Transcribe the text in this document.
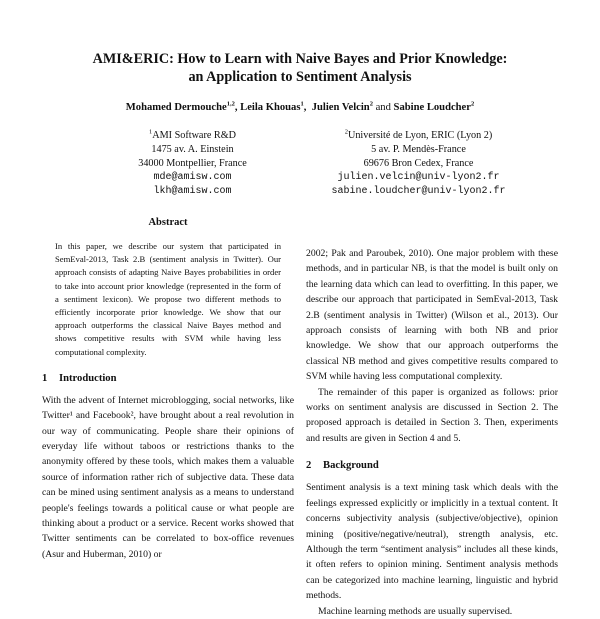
AMI&ERIC: How to Learn with Naive Bayes and Prior Knowledge:
an Application to Sentiment Analysis
Mohamed Dermouche$^{1,2}$, Leila Khouas$^1$, Julien Velcin$^2$ and Sabine Loudcher$^2$
$^1$AMI Software R&D
1475 av. A. Einstein
34000 Montpellier, France
mde@amisw.com
lkh@amisw.com
$^2$Université de Lyon, ERIC (Lyon 2)
5 av. P. Mendès-France
69676 Bron Cedex, France
julien.velcin@univ-lyon2.fr
sabine.loudcher@univ-lyon2.fr
Abstract

In this paper, we describe our system that participated in SemEval-2013, Task 2.B (sentiment analysis in Twitter). Our approach consists of adapting Naive Bayes probabilities in order to take into account prior knowledge (represented in the form of a sentiment lexicon). We propose two different methods to efficiently incorporate prior knowledge. We show that our approach outperforms the classical Naive Bayes method and shows competitive results with SVM while having less computational complexity.

1 Introduction

With the advent of Internet microblogging, social networks, like Twitter¹ and Facebook², have brought about a real revolution in our way of communicating. People share their opinions of everyday life without taboos or restrictions thanks to the anonymity offered by these tools, which makes them a valuable source of information rather rich of subjective data. These data can be mined using sentiment analysis as a means to understand people's feelings towards a political cause or what people are thinking about a product or a service. Recent works showed that Twitter sentiments can be correlated to box-office revenues (Asur and Huberman, 2010) or

2002; Pak and Paroubek, 2010). One major problem with these methods, and in particular NB, is that the model is built only on the learning data which can lead to overfitting. In this paper, we describe our approach that participated in SemEval-2013, Task 2.B (sentiment analysis in Twitter) (Wilson et al., 2013). Our approach consists of learning with both NB and prior knowledge. We show that our approach outperforms the classical NB method and gives competitive results compared to SVM while having less computational complexity.

The remainder of this paper is organized as follows: prior works on sentiment analysis are discussed in Section 2. The proposed approach is detailed in Section 3. Then, experiments and results are given in Section 4 and 5.

2 Background

Sentiment analysis is a text mining task which deals with the feelings expressed explicitly or implicitly in a textual content. It concerns subjectivity analysis (subjective/objective), opinion mining (positive/negative/neutral), strength analysis, etc. Although the term “sentiment analysis” includes all these kinds, it often refers to opinion mining. Sentiment analysis methods can be categorized into machine learning, linguistic and hybrid methods.

Machine learning methods are usually supervised.
